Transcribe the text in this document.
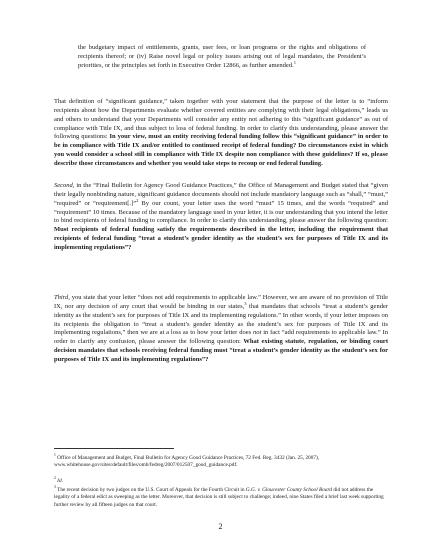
the budgetary impact of entitlements, grants, user fees, or loan programs or the rights and obligations of recipients thereof; or (iv) Raise novel legal or policy issues arising out of legal mandates, the President’s priorities, or the principles set forth in Executive Order 12866, as further amended.$^1$

That definition of “significant guidance,” taken together with your statement that the purpose of the letter is to “inform recipients about how the Departments evaluate whether covered entities are complying with their legal obligations,” leads us and others to understand that your Departments will consider any entity not adhering to this “significant guidance” as out of compliance with Title IX, and thus subject to loss of federal funding. In order to clarify this understanding, please answer the following questions: In your view, must an entity receiving federal funding follow this “significant guidance” in order to be in compliance with Title IX and/or entitled to continued receipt of federal funding? Do circumstances exist in which you would consider a school still in compliance with Title IX despite non compliance with these guidelines? If so, please describe those circumstances and whether you would take steps to recoup or end federal funding.

Second, in the “Final Bulletin for Agency Good Guidance Practices,” the Office of Management and Budget stated that “given their legally nonbinding nature, significant guidance documents should not include mandatory language such as “shall,” “must,” “required” or “requirement[.]”$^2$ By our count, your letter uses the word “must” 15 times, and the words “required” and “requirement” 10 times. Because of the mandatory language used in your letter, it is our understanding that you intend the letter to bind recipients of federal funding to compliance. In order to clarify this understanding, please answer the following question: Must recipients of federal funding satisfy the requirements described in the letter, including the requirement that recipients of federal funding “treat a student’s gender identity as the student’s sex for purposes of Title IX and its implementing regulations”?

Third, you state that your letter “does not add requirements to applicable law.” However, we are aware of no provision of Title IX, nor any decision of any court that would be binding in our states,$^3$ that mandates that schools “treat a student’s gender identity as the student’s sex for purposes of Title IX and its implementing regulations.” In other words, if your letter imposes on its recipients the obligation to “treat a student’s gender identity as the student’s sex for purposes of Title IX and its implementing regulations,” then we are at a loss as to how your letter does not in fact “add requirements to applicable law.” In order to clarify any confusion, please answer the following question: What existing statute, regulation, or binding court decision mandates that schools receiving federal funding must “treat a student’s gender identity as the student’s sex for purposes of Title IX and its implementing regulations”?

$^1$ Office of Management and Budget, Final Bulletin for Agency Good Guidance Practices, 72 Fed. Reg. 3432 (Jan. 25, 2007), www.whitehouse.gov/sites/default/files/omb/fedreg/2007/012507_good_guidance.pdf.

$^2$ Id.

$^3$ The recent decision by two judges on the U.S. Court of Appeals for the Fourth Circuit in G.G. v. Gloucester County School Board did not address the legality of a federal edict as sweeping as the letter. Moreover, that decision is still subject to challenge; indeed, nine States filed a brief last week supporting further review by all fifteen judges on that court.

2
